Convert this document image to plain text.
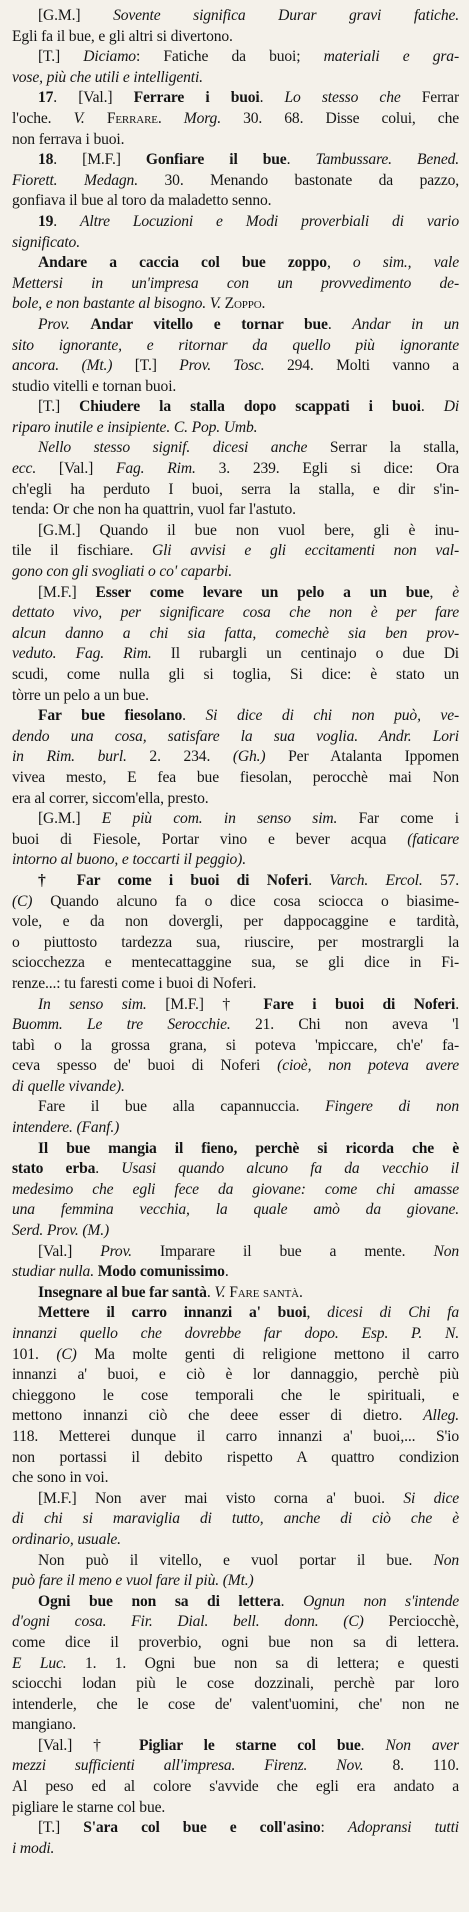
[G.M.] Sovente significa Durar gravi fatiche.
Egli fa il bue, e gli altri si divertono.
[T.] Diciamo: Fatiche da buoi; materiali e gra-
vose, più che utili e intelligenti.
17. [Val.] Ferrare i buoi. Lo stesso che Ferrar
l'oche. V. Ferrare. Morg. 30. 68. Disse colui, che
non ferrava i buoi.
18. [M.F.] Gonfiare il bue. Tambussare. Bened.
Fiorett. Medagn. 30. Menando bastonate da pazzo,
gonfiava il bue al toro da maladetto senno.
19. Altre Locuzioni e Modi proverbiali di vario
significato.
Andare a caccia col bue zoppo, o sim., vale
Mettersi in un'impresa con un provvedimento de-
bole, e non bastante al bisogno. V. Zoppo.
Prov. Andar vitello e tornar bue. Andar in un
sito ignorante, e ritornar da quello più ignorante
ancora. (Mt.) [T.] Prov. Tosc. 294. Molti vanno a
studio vitelli e tornan buoi.
[T.] Chiudere la stalla dopo scappati i buoi. Di
riparo inutile e insipiente. C. Pop. Umb.
Nello stesso signif. dicesi anche Serrar la stalla,
ecc. [Val.] Fag. Rim. 3. 239. Egli si dice: Ora
ch'egli ha perduto I buoi, serra la stalla, e dir s'in-
tenda: Or che non ha quattrin, vuol far l'astuto.
[G.M.] Quando il bue non vuol bere, gli è inu-
tile il fischiare. Gli avvisi e gli eccitamenti non val-
gono con gli svogliati o co' caparbi.
[M.F.] Esser come levare un pelo a un bue, è
dettato vivo, per significare cosa che non è per fare
alcun danno a chi sia fatta, comechè sia ben prov-
veduto. Fag. Rim. Il rubargli un centinajo o due Di
scudi, come nulla gli si toglia, Si dice: è stato un
tòrre un pelo a un bue.
Far bue fiesolano. Si dice di chi non può, ve-
dendo una cosa, satisfare la sua voglia. Andr. Lori
in Rim. burl. 2. 234. (Gh.) Per Atalanta Ippomen
vivea mesto, E fea bue fiesolan, perocchè mai Non
era al correr, siccom'ella, presto.
[G.M.] E più com. in senso sim. Far come i
buoi di Fiesole, Portar vino e bever acqua (faticare
intorno al buono, e toccarti il peggio).
† Far come i buoi di Noferi. Varch. Ercol. 57.
(C) Quando alcuno fa o dice cosa sciocca o biasime-
vole, e da non dovergli, per dappocaggine e tardità,
o piuttosto tardezza sua, riuscire, per mostrargli la
sciocchezza e mentecattaggine sua, se gli dice in Fi-
renze...: tu faresti come i buoi di Noferi.
In senso sim. [M.F.] † Fare i buoi di Noferi.
Buomm. Le tre Serocchie. 21. Chi non aveva 'l
tabì o la grossa grana, si poteva 'mpiccare, ch'e' fa-
ceva spesso de' buoi di Noferi (cioè, non poteva avere
di quelle vivande).
Fare il bue alla capannuccia. Fingere di non
intendere. (Fanf.)
Il bue mangia il fieno, perchè si ricorda che è
stato erba. Usasi quando alcuno fa da vecchio il
medesimo che egli fece da giovane: come chi amasse
una femmina vecchia, la quale amò da giovane.
Serd. Prov. (M.)
[Val.] Prov. Imparare il bue a mente. Non
studiar nulla. Modo comunissimo.
Insegnare al bue far santà. V. Fare santà.
Mettere il carro innanzi a' buoi, dicesi di Chi fa
innanzi quello che dovrebbe far dopo. Esp. P. N.
101. (C) Ma molte genti di religione mettono il carro
innanzi a' buoi, e ciò è lor dannaggio, perchè più
chieggono le cose temporali che le spirituali, e
mettono innanzi ciò che deee esser di dietro. Alleg.
118. Metterei dunque il carro innanzi a' buoi,... S'io
non portassi il debito rispetto A quattro condizion
che sono in voi.
[M.F.] Non aver mai visto corna a' buoi. Si dice
di chi si maraviglia di tutto, anche di ciò che è
ordinario, usuale.
Non può il vitello, e vuol portar il bue. Non
può fare il meno e vuol fare il più. (Mt.)
Ogni bue non sa di lettera. Ognun non s'intende
d'ogni cosa. Fir. Dial. bell. donn. (C) Perciocchè,
come dice il proverbio, ogni bue non sa di lettera.
E Luc. 1. 1. Ogni bue non sa di lettera; e questi
sciocchi lodan più le cose dozzinali, perchè par loro
intenderle, che le cose de' valent'uomini, che' non ne
mangiano.
[Val.] † Pigliar le starne col bue. Non aver
mezzi sufficienti all'impresa. Firenz. Nov. 8. 110.
Al peso ed al colore s'avvide che egli era andato a
pigliare le starne col bue.
[T.] S'ara col bue e coll'asino: Adopransi tutti
i modi.
